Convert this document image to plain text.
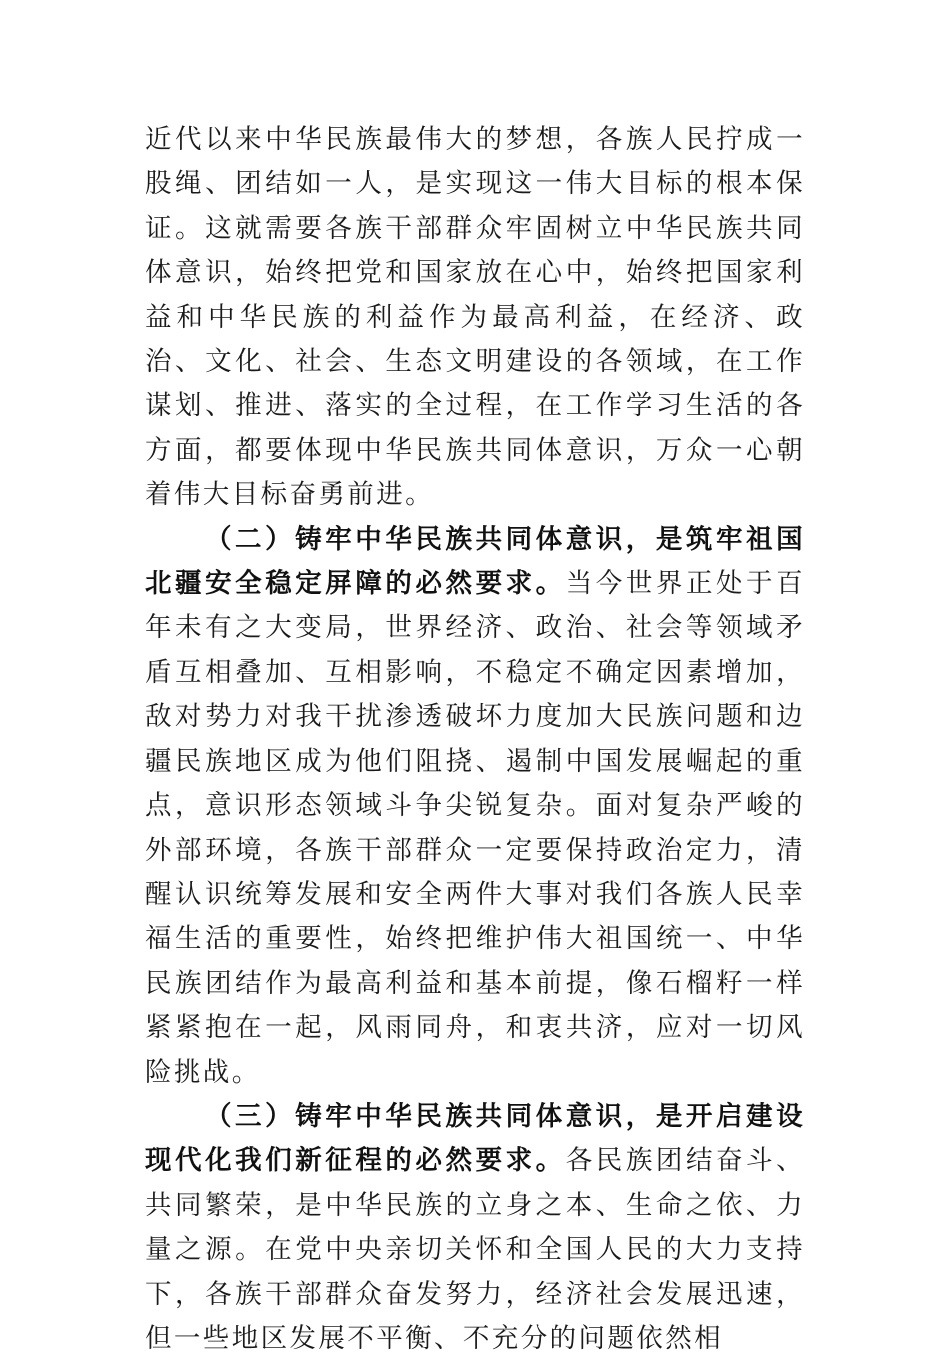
近代以来中华民族最伟大的梦想，各族人民拧成一股绳、团结如一人，是实现这一伟大目标的根本保证。这就需要各族干部群众牢固树立中华民族共同体意识，始终把党和国家放在心中，始终把国家利益和中华民族的利益作为最高利益，在经济、政治、文化、社会、生态文明建设的各领域，在工作谋划、推进、落实的全过程，在工作学习生活的各方面，都要体现中华民族共同体意识，万众一心朝着伟大目标奋勇前进。

（二）铸牢中华民族共同体意识，是筑牢祖国北疆安全稳定屏障的必然要求。当今世界正处于百年未有之大变局，世界经济、政治、社会等领域矛盾互相叠加、互相影响，不稳定不确定因素增加，敌对势力对我干扰渗透破坏力度加大民族问题和边疆民族地区成为他们阻挠、遏制中国发展崛起的重点，意识形态领域斗争尖锐复杂。面对复杂严峻的外部环境，各族干部群众一定要保持政治定力，清醒认识统筹发展和安全两件大事对我们各族人民幸福生活的重要性，始终把维护伟大祖国统一、中华民族团结作为最高利益和基本前提，像石榴籽一样紧紧抱在一起，风雨同舟，和衷共济，应对一切风险挑战。

（三）铸牢中华民族共同体意识，是开启建设现代化我们新征程的必然要求。各民族团结奋斗、共同繁荣，是中华民族的立身之本、生命之依、力量之源。在党中央亲切关怀和全国人民的大力支持下，各族干部群众奋发努力，经济社会发展迅速，但一些地区发展不平衡、不充分的问题依然相
